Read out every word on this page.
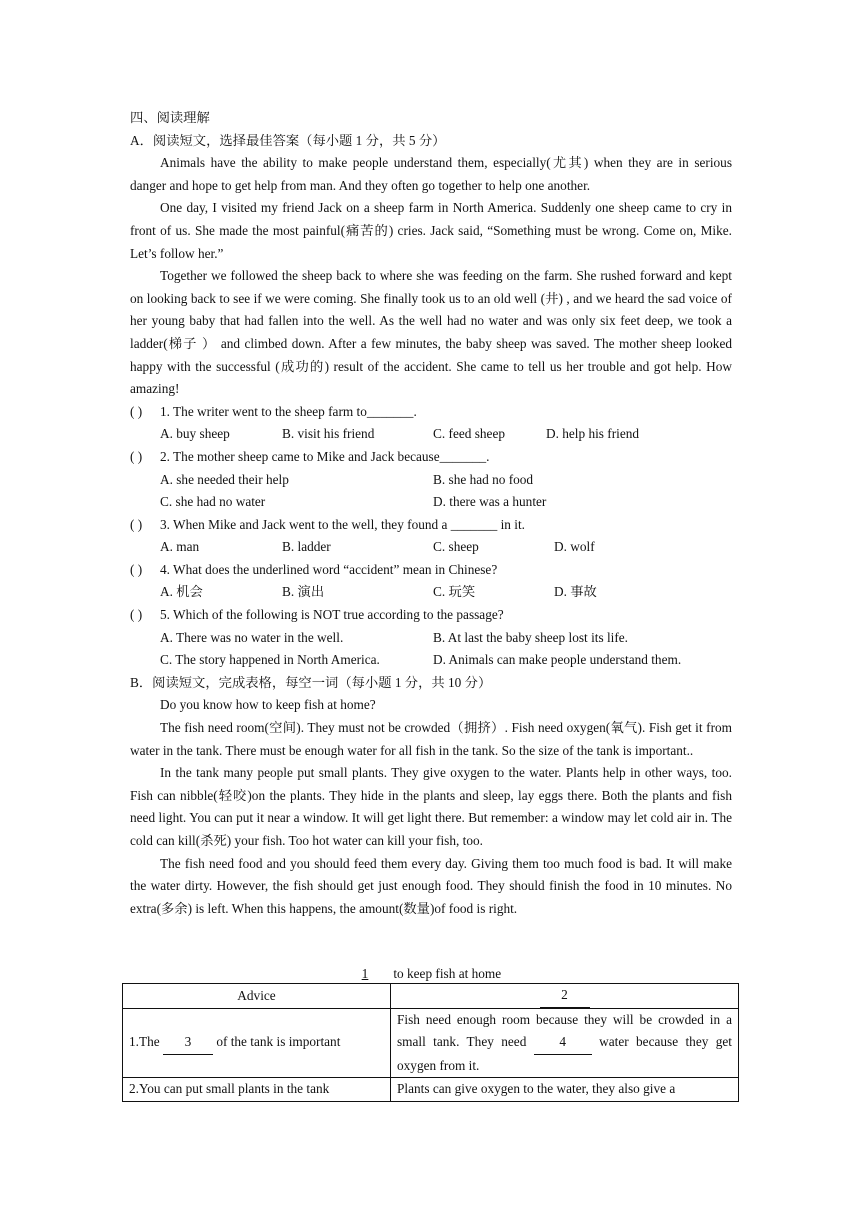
四、阅读理解
A．阅读短文，选择最佳答案（每小题 1 分，共 5 分）

Animals have the ability to make people understand them, especially(尤其) when they are in serious danger and hope to get help from man. And they often go together to help one another.

One day, I visited my friend Jack on a sheep farm in North America. Suddenly one sheep came to cry in front of us. She made the most painful(痛苦的) cries. Jack said, “Something must be wrong. Come on, Mike. Let’s follow her.”

Together we followed the sheep back to where she was feeding on the farm. She rushed forward and kept on looking back to see if we were coming. She finally took us to an old well (井) , and we heard the sad voice of her young baby that had fallen into the well. As the well had no water and was only six feet deep, we took a ladder(梯子 ） and climbed down. After a few minutes, the baby sheep was saved. The mother sheep looked happy with the successful (成功的) result of the accident. She came to tell us her trouble and got help. How amazing!

( )	1. The writer went to the sheep farm to_______.
A. buy sheep	B. visit his friend	C. feed sheep	D. help his friend
( )	2. The mother sheep came to Mike and Jack because_______.
A. she needed their help	B. she had no food
C. she had no water	D. there was a hunter
( )	3. When Mike and Jack went to the well, they found a _______ in it.
A. man	B. ladder	C. sheep	D. wolf
( )	4. What does the underlined word “accident” mean in Chinese?
A. 机会	B. 演出	C. 玩笑	D. 事故
( )	5. Which of the following is NOT true according to the passage?
A. There was no water in the well.	B. At last the baby sheep lost its life.
C. The story happened in North America.	D. Animals can make people understand them.
B．阅读短文，完成表格，每空一词（每小题 1 分，共 10 分）

Do you know how to keep fish at home?

The fish need room(空间). They must not be crowded（拥挤）. Fish need oxygen(氧气). Fish get it from water in the tank. There must be enough water for all fish in the tank. So the size of the tank is important..

In the tank many people put small plants. They give oxygen to the water. Plants help in other ways, too. Fish can nibble(轻咬)on the plants. They hide in the plants and sleep, lay eggs there. Both the plants and fish need light. You can put it near a window. It will get light there. But remember: a window may let cold air in. The cold can kill(杀死) your fish. Too hot water can kill your fish, too.

The fish need food and you should feed them every day. Giving them too much food is bad. It will make the water dirty. However, the fish should get just enough food. They should finish the food in 10 minutes. No extra(多余) is left. When this happens, the amount(数量)of food is right.

1 to keep fish at home
Advice	2
1.The 3 of the tank is important	Fish need enough room because they will be crowded in a small tank. They need 4 water because they get oxygen from it.
2.You can put small plants in the tank	Plants can give oxygen to the water, they also give a
